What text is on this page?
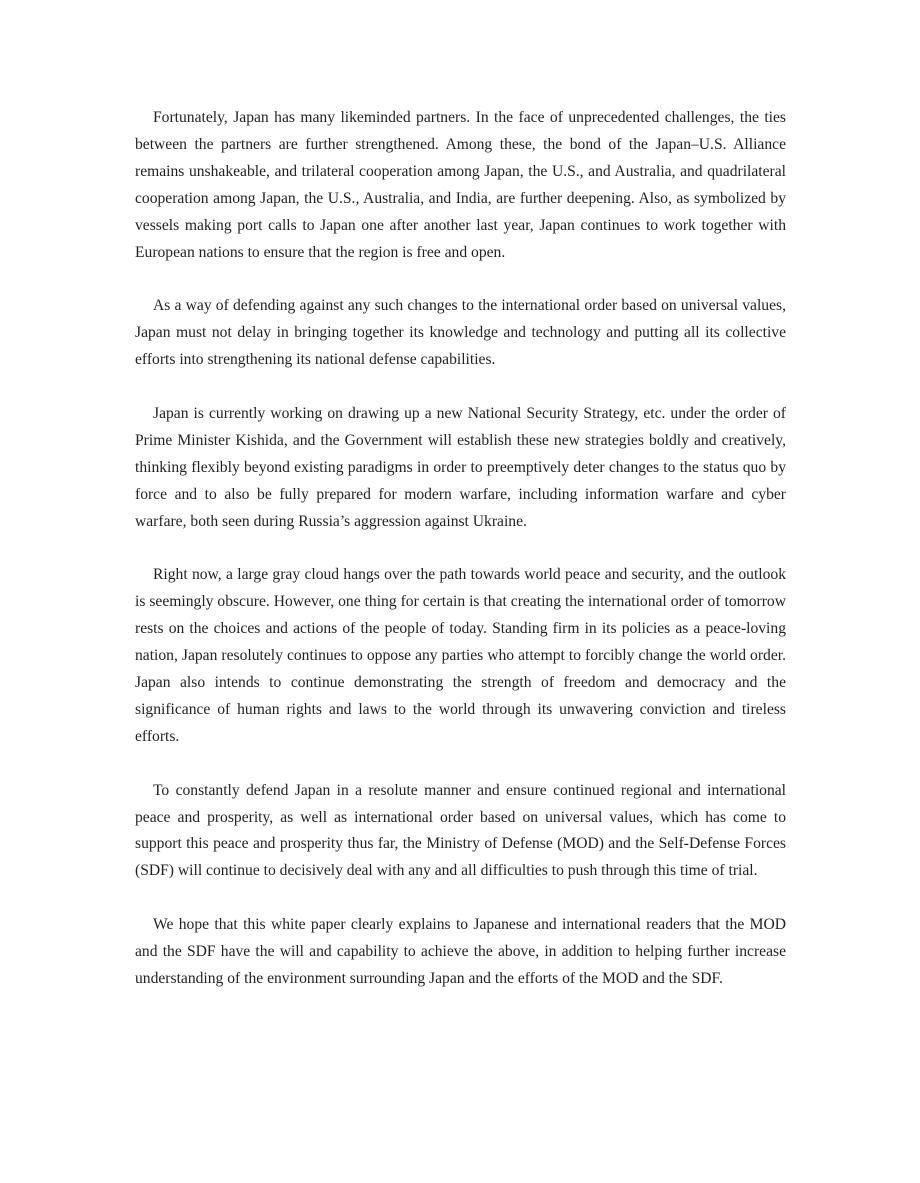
Fortunately, Japan has many likeminded partners. In the face of unprecedented challenges, the ties between the partners are further strengthened. Among these, the bond of the Japan–U.S. Alliance remains unshakeable, and trilateral cooperation among Japan, the U.S., and Australia, and quadrilateral cooperation among Japan, the U.S., Australia, and India, are further deepening. Also, as symbolized by vessels making port calls to Japan one after another last year, Japan continues to work together with European nations to ensure that the region is free and open.

As a way of defending against any such changes to the international order based on universal values, Japan must not delay in bringing together its knowledge and technology and putting all its collective efforts into strengthening its national defense capabilities.

Japan is currently working on drawing up a new National Security Strategy, etc. under the order of Prime Minister Kishida, and the Government will establish these new strategies boldly and creatively, thinking flexibly beyond existing paradigms in order to preemptively deter changes to the status quo by force and to also be fully prepared for modern warfare, including information warfare and cyber warfare, both seen during Russia’s aggression against Ukraine.

Right now, a large gray cloud hangs over the path towards world peace and security, and the outlook is seemingly obscure. However, one thing for certain is that creating the international order of tomorrow rests on the choices and actions of the people of today. Standing firm in its policies as a peace-loving nation, Japan resolutely continues to oppose any parties who attempt to forcibly change the world order. Japan also intends to continue demonstrating the strength of freedom and democracy and the significance of human rights and laws to the world through its unwavering conviction and tireless efforts.

To constantly defend Japan in a resolute manner and ensure continued regional and international peace and prosperity, as well as international order based on universal values, which has come to support this peace and prosperity thus far, the Ministry of Defense (MOD) and the Self-Defense Forces (SDF) will continue to decisively deal with any and all difficulties to push through this time of trial.

We hope that this white paper clearly explains to Japanese and international readers that the MOD and the SDF have the will and capability to achieve the above, in addition to helping further increase understanding of the environment surrounding Japan and the efforts of the MOD and the SDF.
